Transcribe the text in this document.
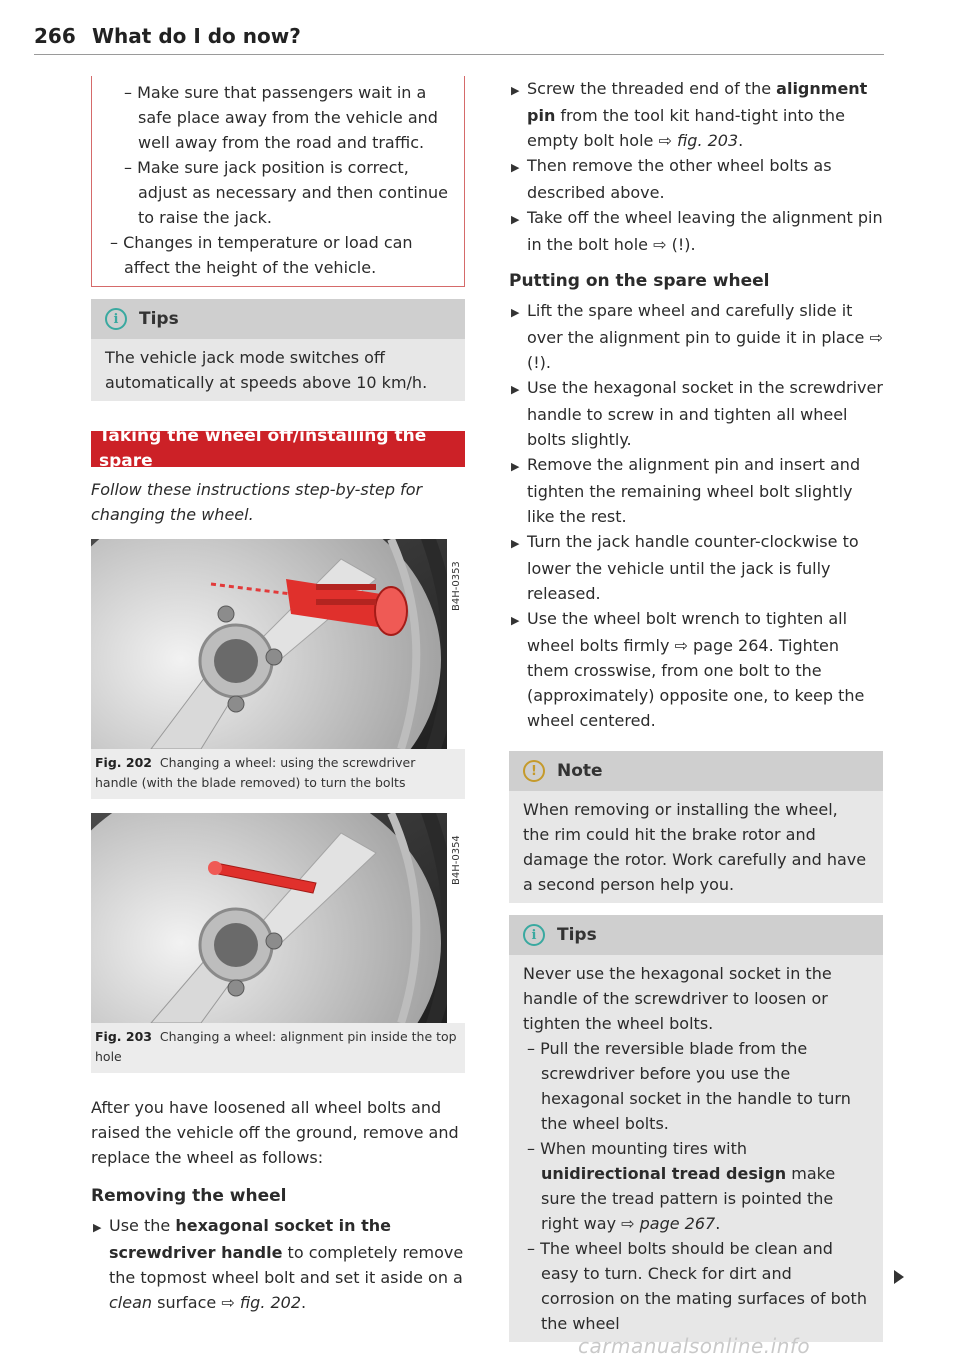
266 What do I do now?
– Make sure that passengers wait in a safe place away from the vehicle and well away from the road and traffic.
– Make sure jack position is correct, adjust as necessary and then continue to raise the jack.
– Changes in temperature or load can affect the height of the vehicle.
i	Tips
The vehicle jack mode switches off automatically at speeds above 10 km/h.
Taking the wheel off/installing the spare
Follow these instructions step-by-step for changing the wheel.
B4H-0353
Fig. 202 Changing a wheel: using the screwdriver handle (with the blade removed) to turn the bolts
B4H-0354
Fig. 203 Changing a wheel: alignment pin inside the top hole
After you have loosened all wheel bolts and raised the vehicle off the ground, remove and replace the wheel as follows:
Removing the wheel
▶ Use the hexagonal socket in the screwdriver handle to completely remove the topmost wheel bolt and set it aside on a clean surface ⇨ fig. 202.
▶ Screw the threaded end of the alignment pin from the tool kit hand-tight into the empty bolt hole ⇨ fig. 203.
▶ Then remove the other wheel bolts as described above.
▶ Take off the wheel leaving the alignment pin in the bolt hole ⇨ (!).
Putting on the spare wheel
▶ Lift the spare wheel and carefully slide it over the alignment pin to guide it in place ⇨ (!).
▶ Use the hexagonal socket in the screwdriver handle to screw in and tighten all wheel bolts slightly.
▶ Remove the alignment pin and insert and tighten the remaining wheel bolt slightly like the rest.
▶ Turn the jack handle counter-clockwise to lower the vehicle until the jack is fully released.
▶ Use the wheel bolt wrench to tighten all wheel bolts firmly ⇨ page 264. Tighten them crosswise, from one bolt to the (approximately) opposite one, to keep the wheel centered.
!	Note
When removing or installing the wheel, the rim could hit the brake rotor and damage the rotor. Work carefully and have a second person help you.
i	Tips
Never use the hexagonal socket in the handle of the screwdriver to loosen or tighten the wheel bolts.
– Pull the reversible blade from the screwdriver before you use the hexagonal socket in the handle to turn the wheel bolts.
– When mounting tires with unidirectional tread design make sure the tread pattern is pointed the right way ⇨ page 267.
– The wheel bolts should be clean and easy to turn. Check for dirt and corrosion on the mating surfaces of both the wheel
carmanualsonline.info
